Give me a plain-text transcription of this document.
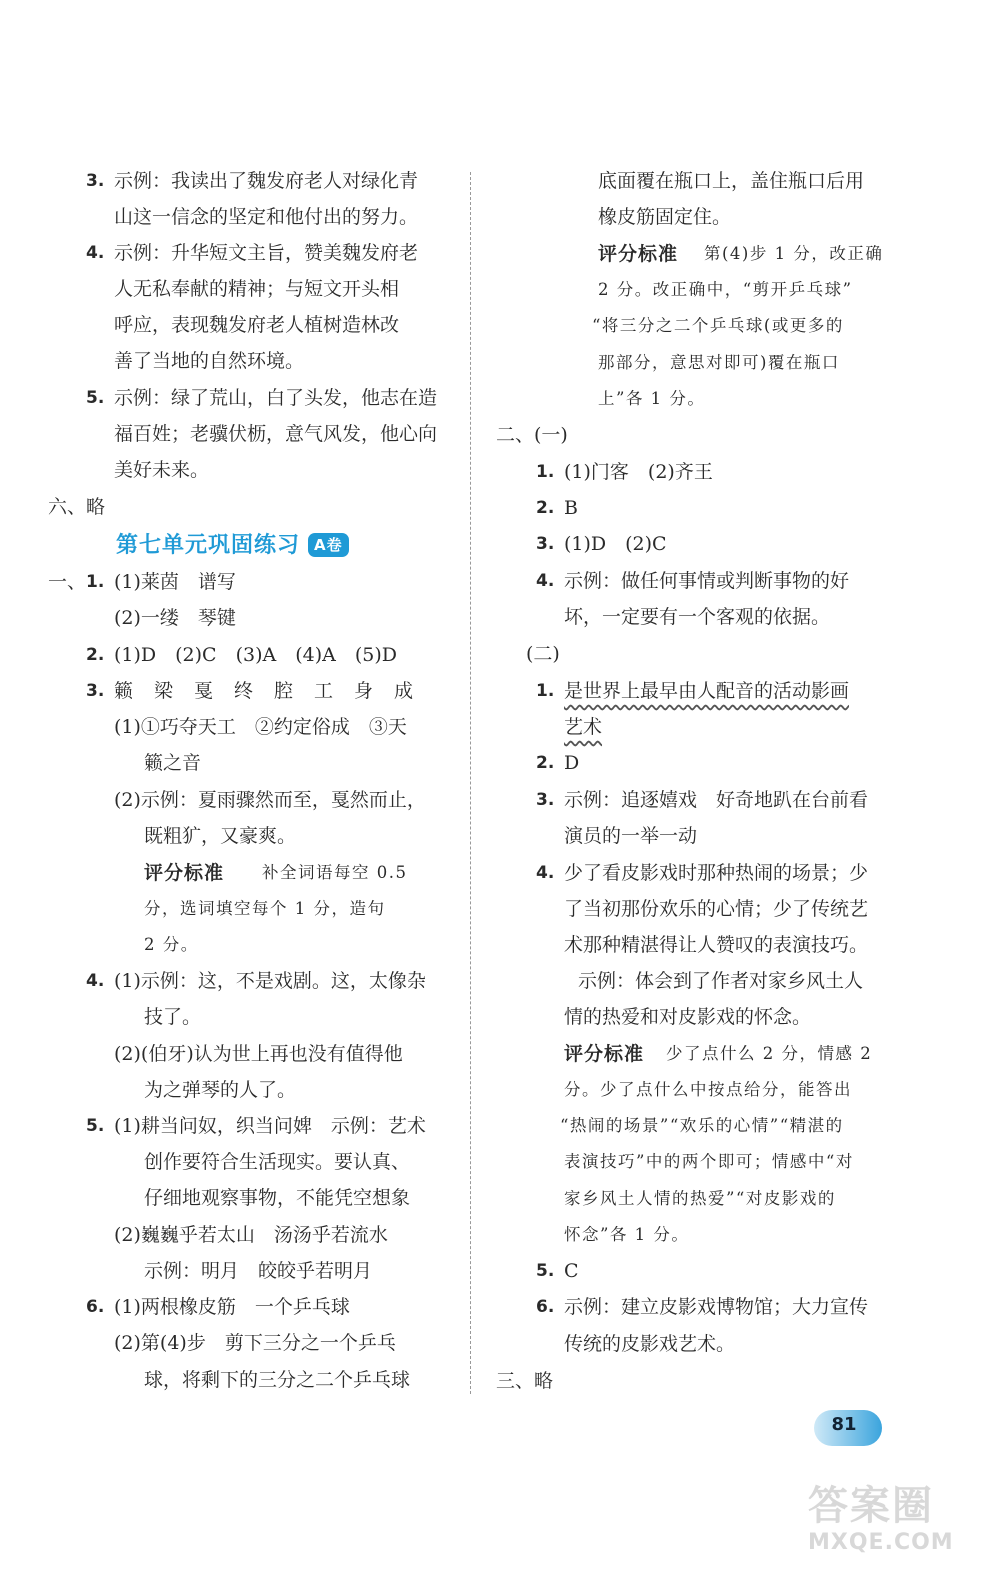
3. 示例：我读出了魏发府老人对绿化青
山这一信念的坚定和他付出的努力。
4. 示例：升华短文主旨，赞美魏发府老
人无私奉献的精神；与短文开头相
呼应，表现魏发府老人植树造林改
善了当地的自然环境。
5. 示例：绿了荒山，白了头发，他志在造
福百姓；老骥伏枥，意气风发，他心向
美好未来。
六、略
第七单元巩固练习 A卷
一、 1. (1)莱茵　谱写
(2)一缕　琴键
2. (1)D　(2)C　(3)A　(4)A　(5)D
3. 籁　梁　戛　终　腔　工　身　成
(1)①巧夺天工　②约定俗成　③天
籁之音
(2)示例：夏雨骤然而至，戛然而止，
既粗犷，又豪爽。
评分标准 补全词语每空 0.5
分，选词填空每个 1 分，造句
2 分。
4. (1)示例：这，不是戏剧。这，太像杂
技了。
(2)(伯牙)认为世上再也没有值得他
为之弹琴的人了。
5. (1)耕当问奴，织当问婢　示例：艺术
创作要符合生活现实。要认真、
仔细地观察事物，不能凭空想象
(2)巍巍乎若太山　汤汤乎若流水
示例：明月　皎皎乎若明月
6. (1)两根橡皮筋　一个乒乓球
(2)第(4)步　剪下三分之一个乒乓
球，将剩下的三分之二个乒乓球
底面覆在瓶口上，盖住瓶口后用
橡皮筋固定住。
评分标准 第(4)步 1 分，改正确
2 分。改正确中，“剪开乒乓球”
“将三分之二个乒乓球(或更多的
那部分，意思对即可)覆在瓶口
上”各 1 分。
二、(一)
1. (1)门客　(2)齐王
2. B
3. (1)D　(2)C
4. 示例：做任何事情或判断事物的好
坏，一定要有一个客观的依据。
(二)
1. 是世界上最早由人配音的活动影画
艺术
2. D
3. 示例：追逐嬉戏　好奇地趴在台前看
演员的一举一动
4. 少了看皮影戏时那种热闹的场景；少
了当初那份欢乐的心情；少了传统艺
术那种精湛得让人赞叹的表演技巧。
示例：体会到了作者对家乡风土人
情的热爱和对皮影戏的怀念。
评分标准 少了点什么 2 分，情感 2
分。少了点什么中按点给分，能答出
“热闹的场景”“欢乐的心情”“精湛的
表演技巧”中的两个即可；情感中“对
家乡风土人情的热爱”“对皮影戏的
怀念”各 1 分。
5. C
6. 示例：建立皮影戏博物馆；大力宣传
传统的皮影戏艺术。
三、略
81
答案圈
MXQE.COM
